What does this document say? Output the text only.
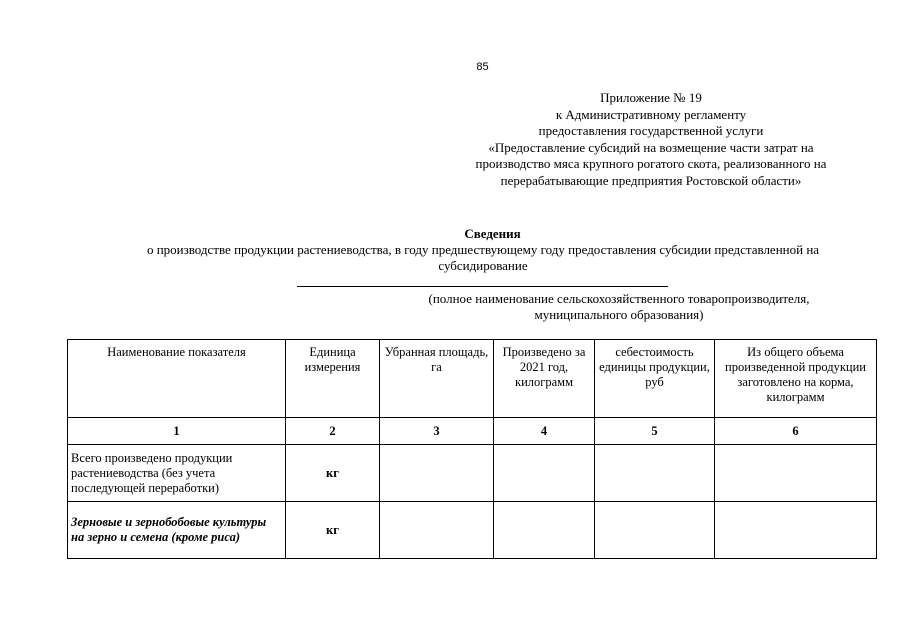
85
Приложение № 19
к Административному регламенту
предоставления государственной услуги
«Предоставление субсидий на возмещение части затрат на
производство мяса крупного рогатого скота, реализованного на
перерабатывающие предприятия Ростовской области»
Сведения
о производстве продукции растениеводства, в году предшествующему году предоставления субсидии представленной на
субсидирование
(полное наименование сельскохозяйственного товаропроизводителя,
муниципального образования)
Наименование показателя	Единица измерения	Убранная площадь, га	Произведено за 2021 год, килограмм	себестоимость единицы продукции, руб	Из общего объема произведенной продукции заготовлено на корма, килограмм
1	2	3	4	5	6
Всего произведено продукции растениеводства (без учета последующей переработки)	кг				
Зерновые и зернобобовые культуры на зерно и семена (кроме риса)	кг				
